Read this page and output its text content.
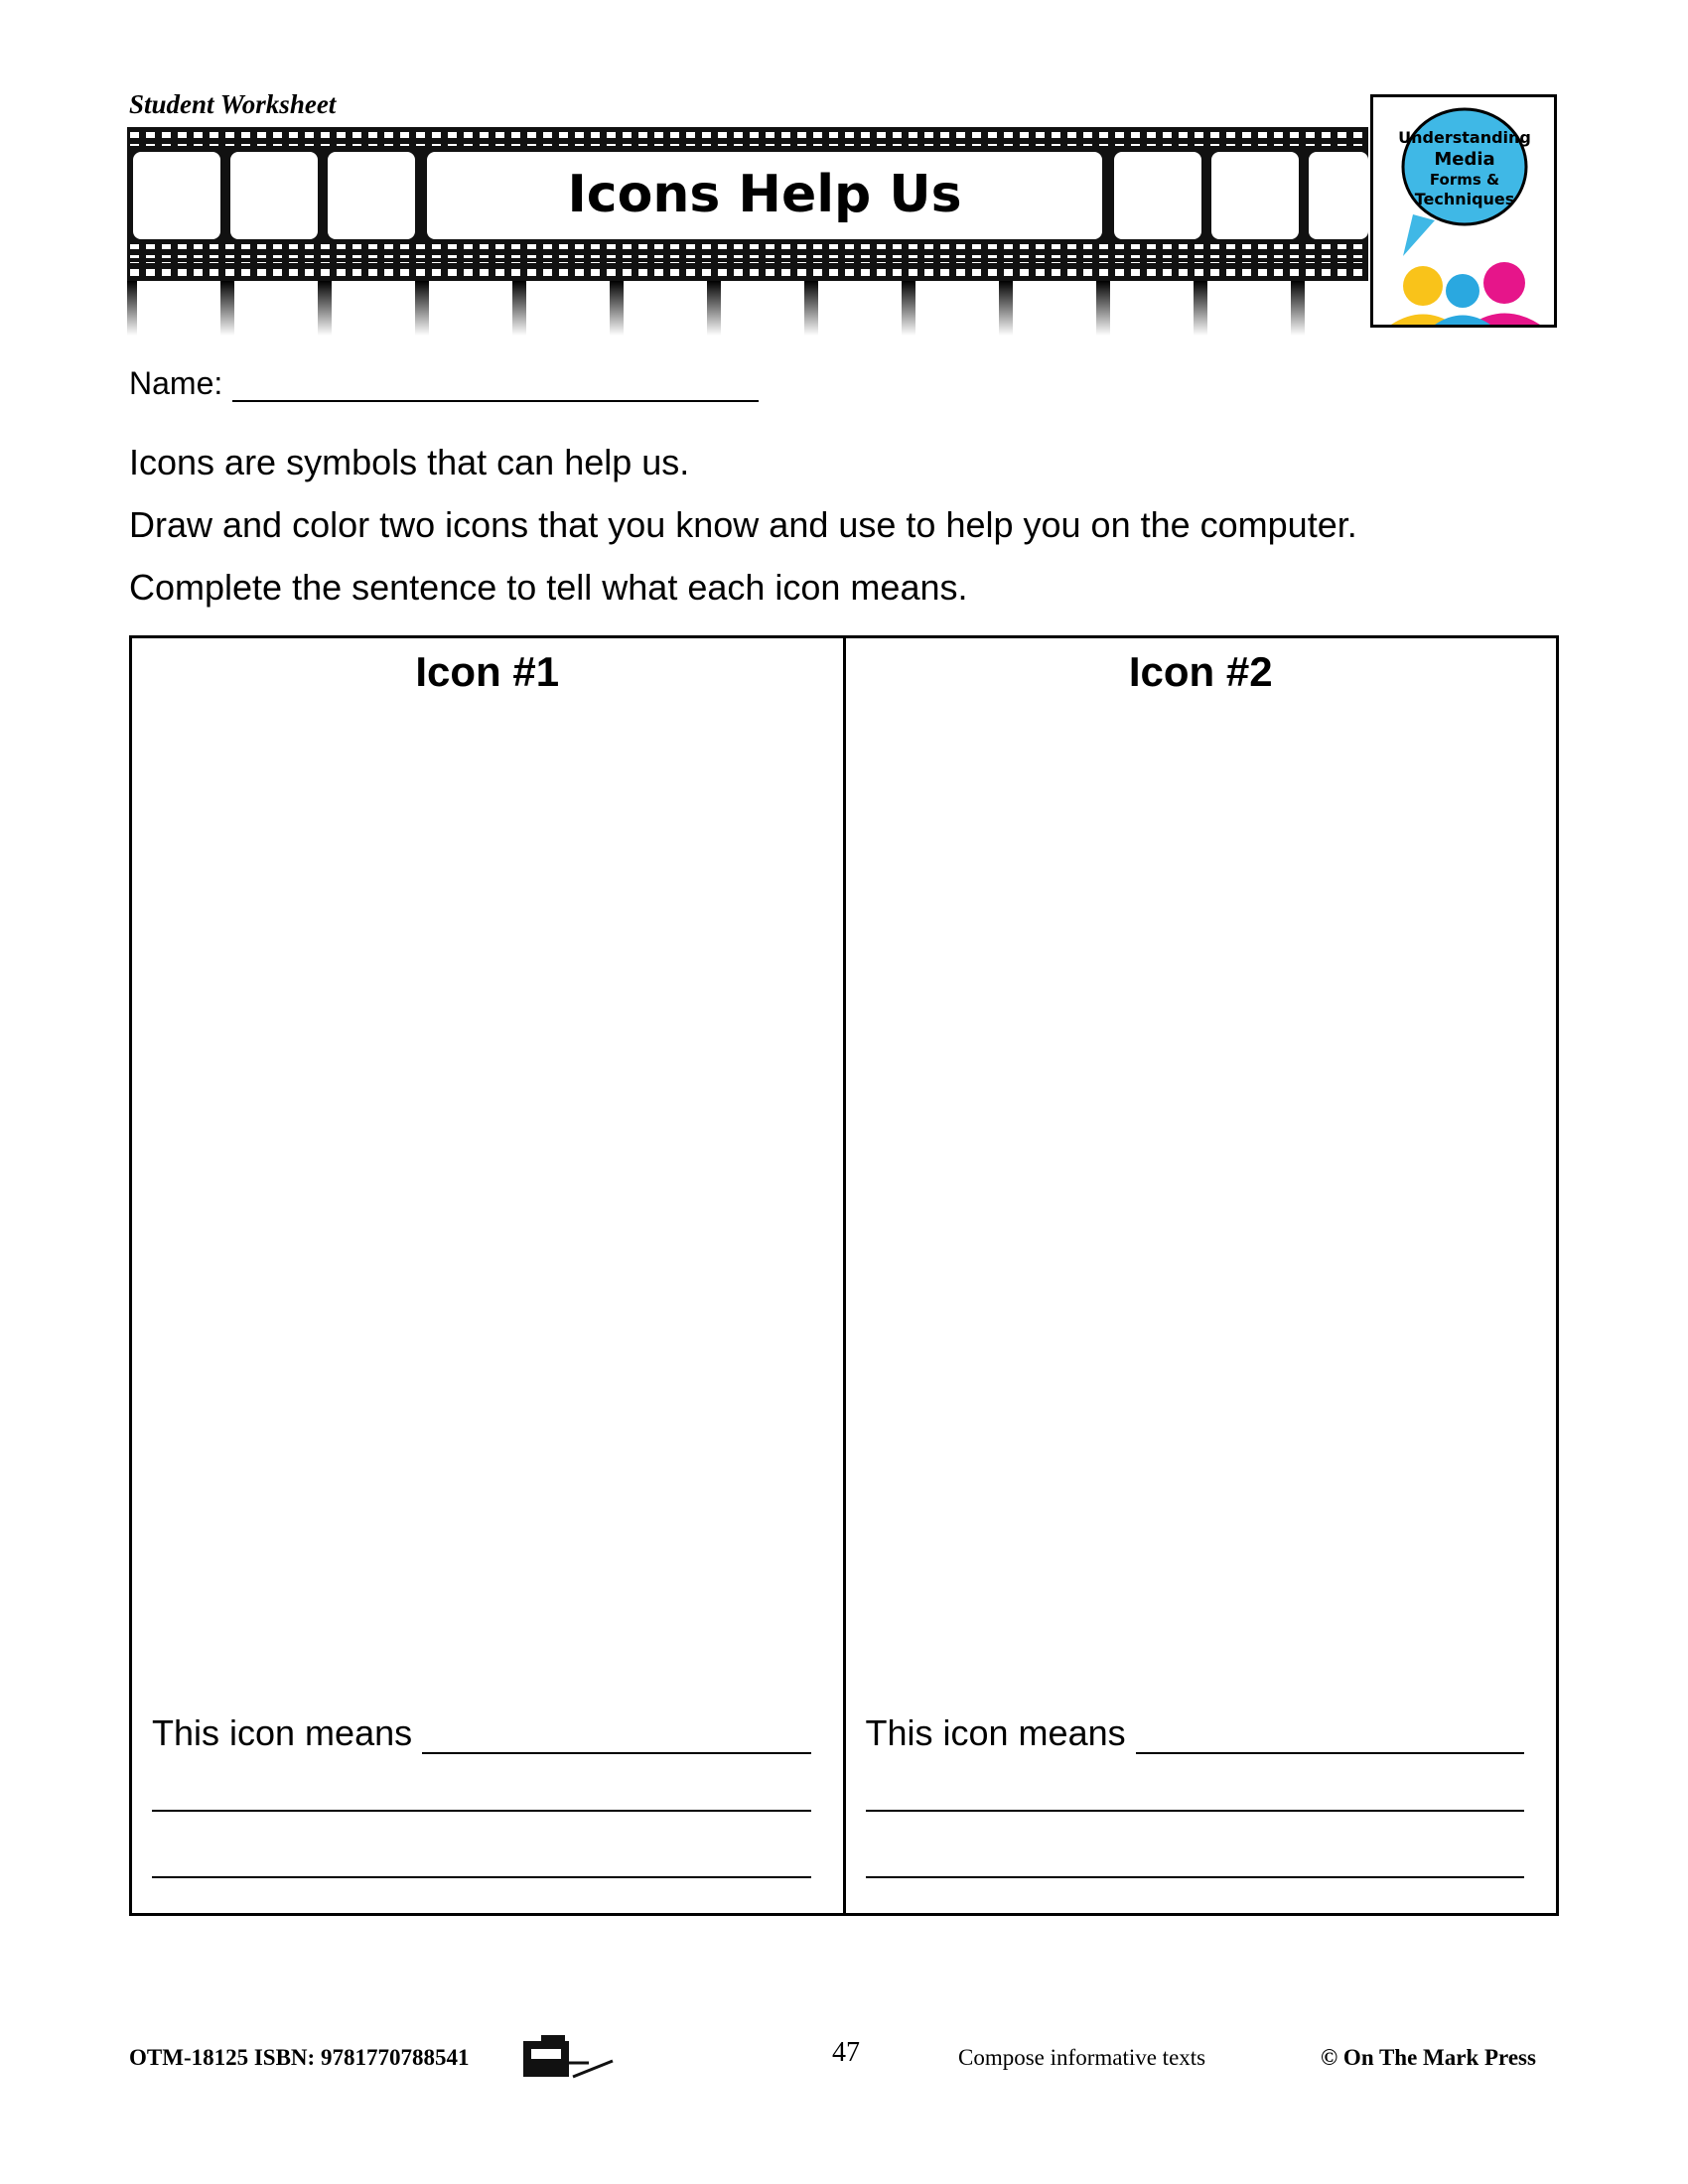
Student Worksheet
Icons Help Us
Understanding
Media
Forms &
Techniques
Name:
Icons are symbols that can help us.
Draw and color two icons that you know and use to help you on the computer.
Complete the sentence to tell what each icon means.
Icon #1
This icon means
Icon #2
This icon means
OTM-18125 ISBN: 9781770788541	47	Compose informative texts	© On The Mark Press
